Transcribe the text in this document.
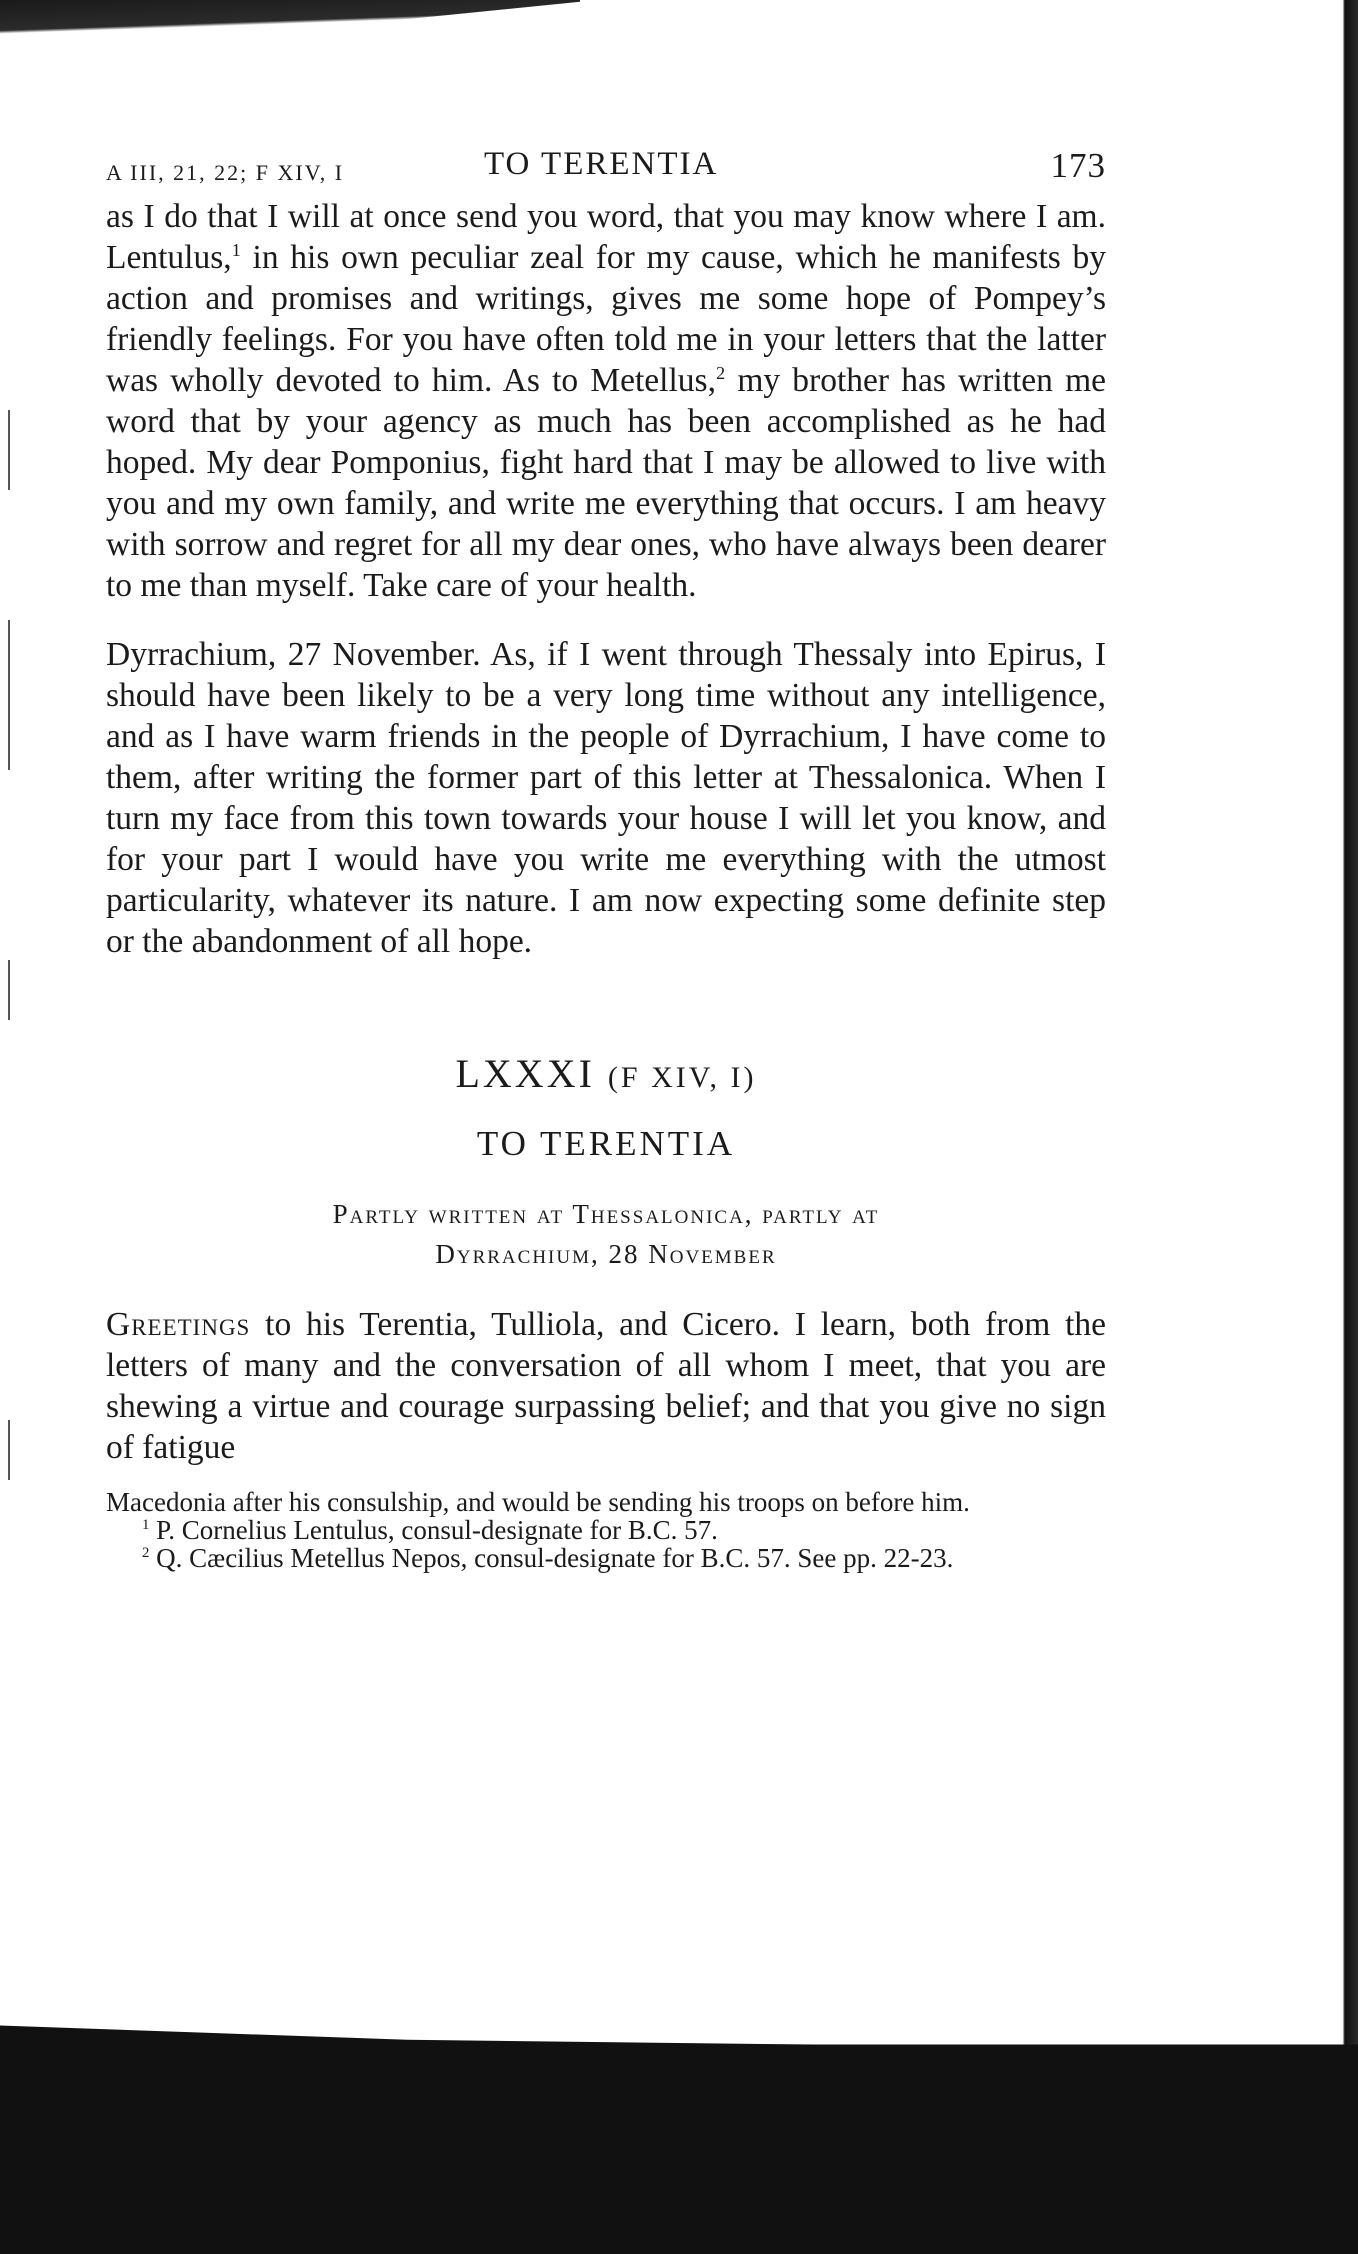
A III, 21, 22; F XIV, I	TO TERENTIA	173

as I do that I will at once send you word, that you may know where I am. Lentulus,$^1$ in his own peculiar zeal for my cause, which he manifests by action and promises and writings, gives me some hope of Pompey’s friendly feelings. For you have often told me in your letters that the latter was wholly devoted to him. As to Metellus,$^2$ my brother has written me word that by your agency as much has been accomplished as he had hoped. My dear Pomponius, fight hard that I may be allowed to live with you and my own family, and write me everything that occurs. I am heavy with sorrow and regret for all my dear ones, who have always been dearer to me than myself. Take care of your health.

Dyrrachium, 27 November. As, if I went through Thessaly into Epirus, I should have been likely to be a very long time without any intelligence, and as I have warm friends in the people of Dyrrachium, I have come to them, after writing the former part of this letter at Thessalonica. When I turn my face from this town towards your house I will let you know, and for your part I would have you write me everything with the utmost particularity, whatever its nature. I am now expecting some definite step or the abandonment of all hope.

LXXXI (F XIV, I)
TO TERENTIA
Partly written at Thessalonica, partly at
Dyrrachium, 28 November

Greetings to his Terentia, Tulliola, and Cicero. I learn, both from the letters of many and the conversation of all whom I meet, that you are shewing a virtue and courage surpassing belief; and that you give no sign of fatigue

Macedonia after his consulship, and would be sending his troops on before him.

$^1$ P. Cornelius Lentulus, consul-designate for B.C. 57.

$^2$ Q. Cæcilius Metellus Nepos, consul-designate for B.C. 57. See pp. 22-23.
